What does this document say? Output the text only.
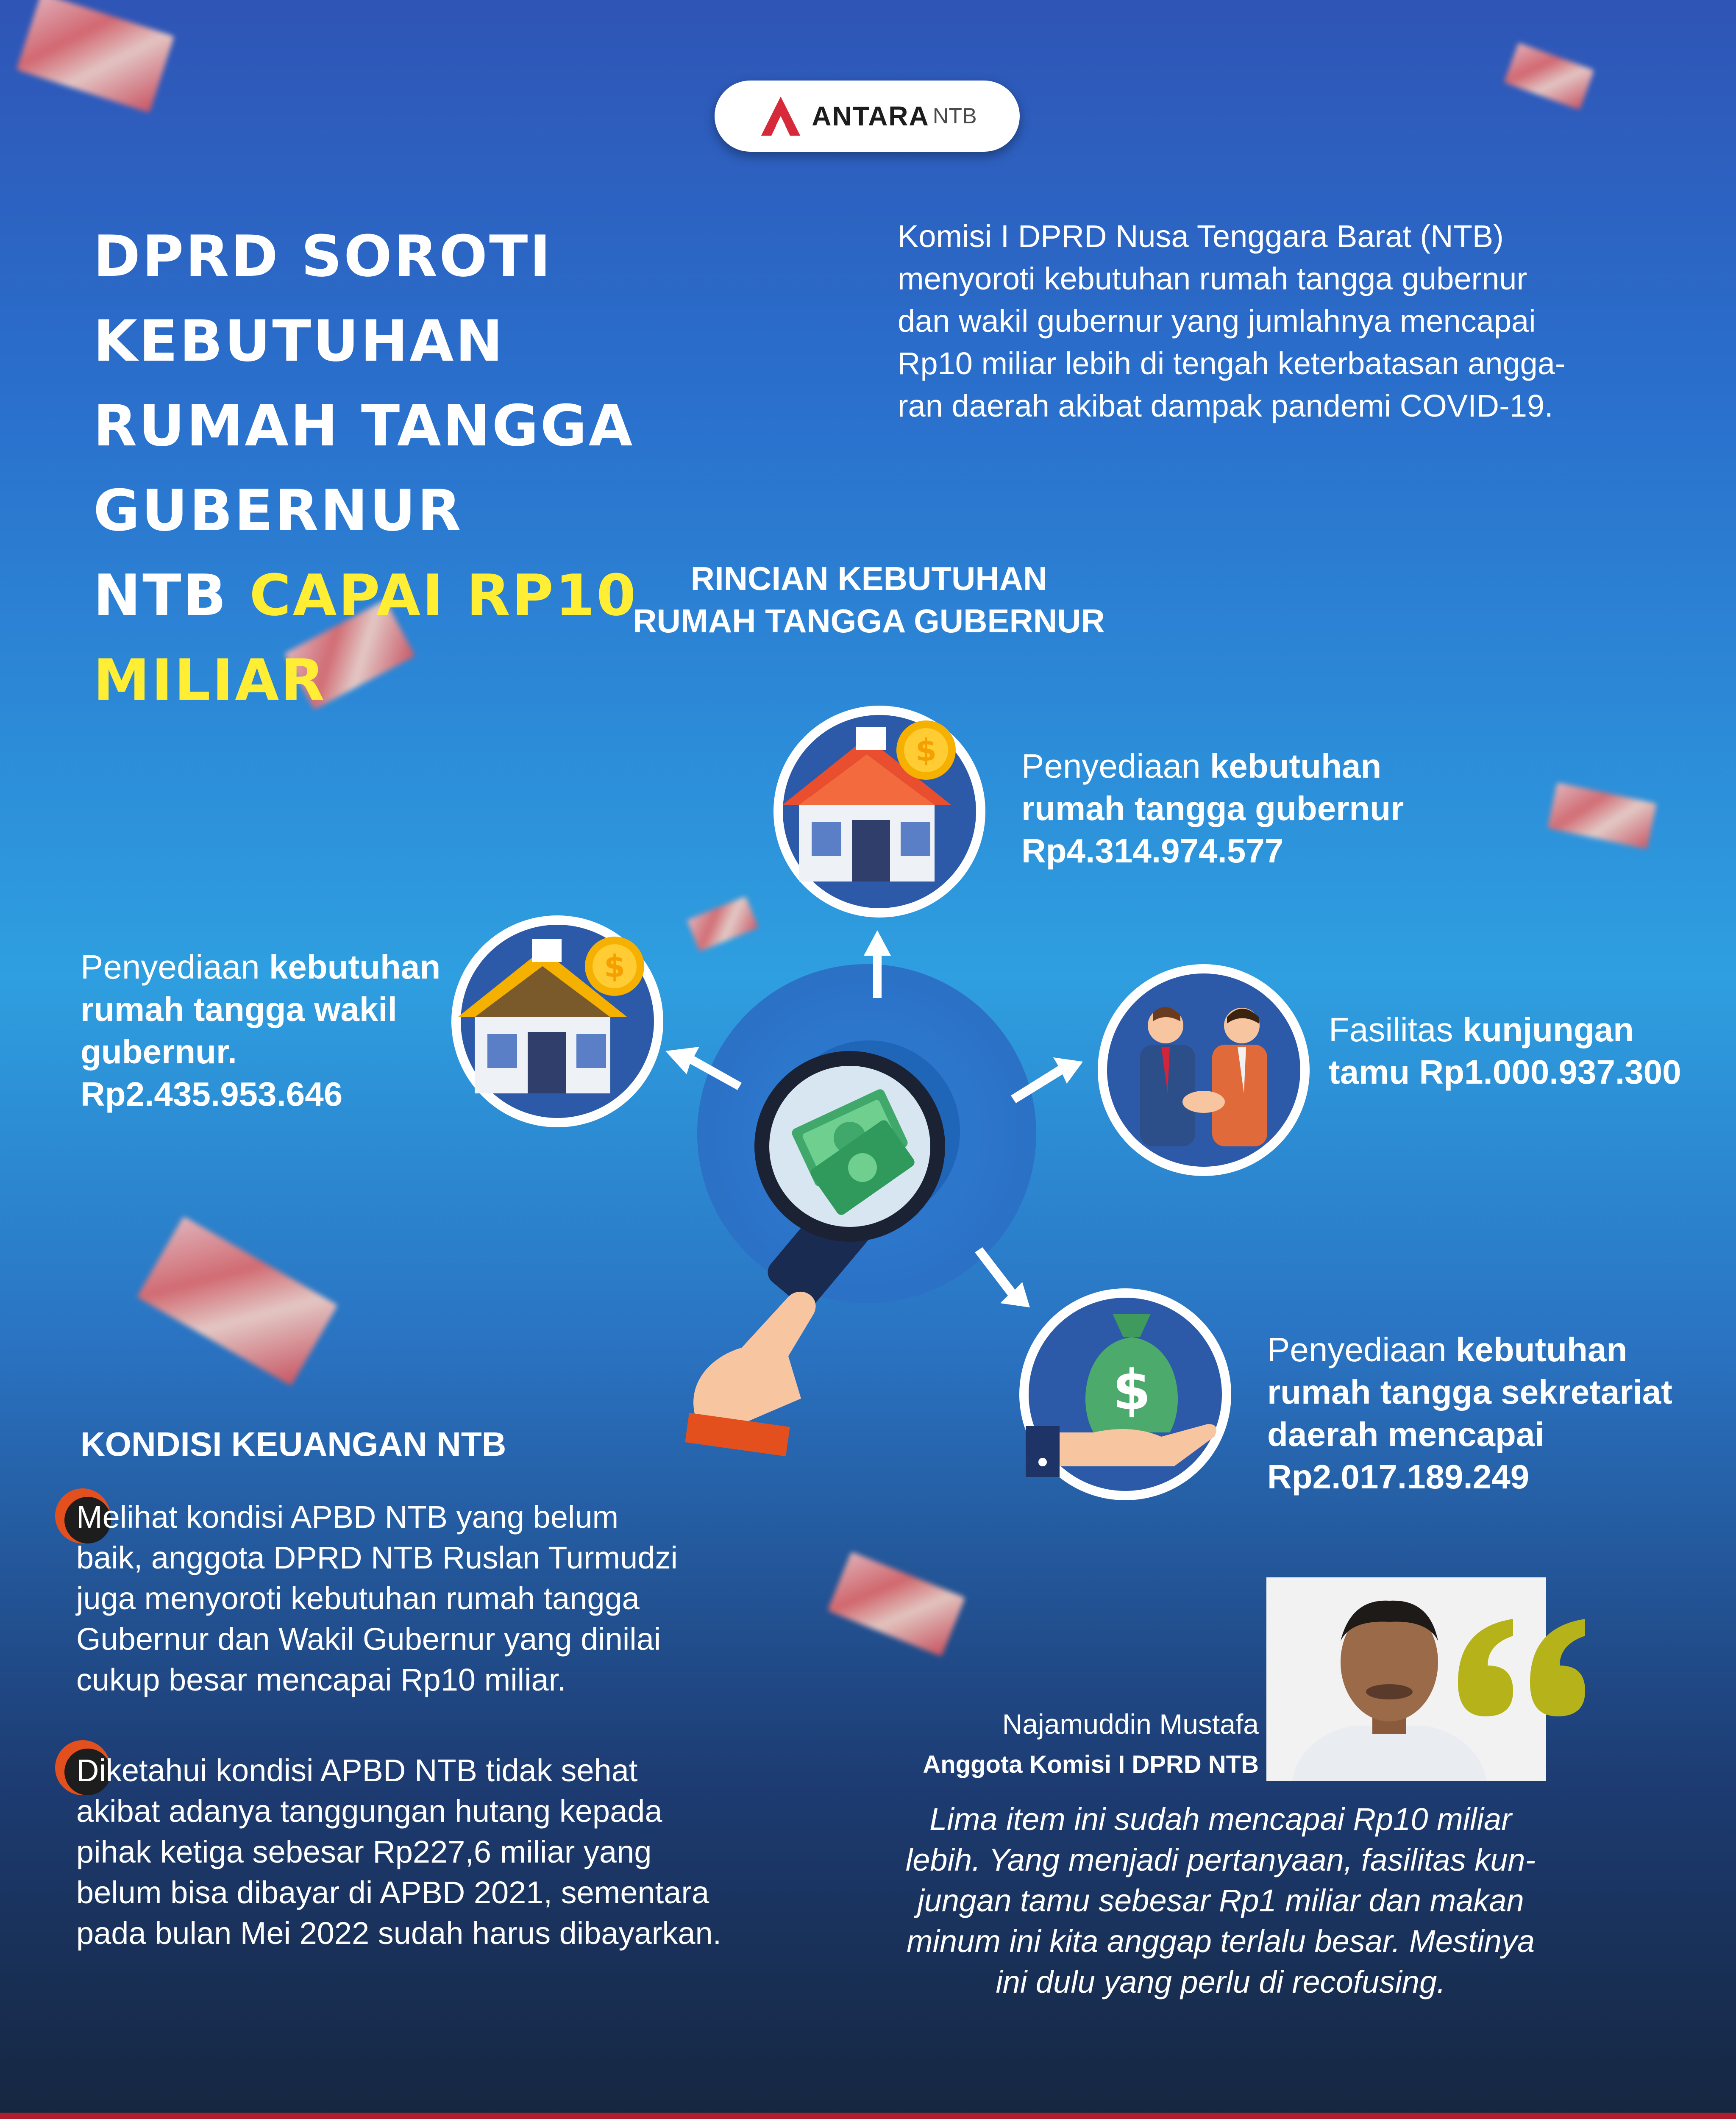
ANTARA NTB
DPRD SOROTI KEBUTUHAN
RUMAH TANGGA GUBERNUR
NTB CAPAI RP10 MILIAR
Komisi I DPRD Nusa Tenggara Barat (NTB)
menyoroti kebutuhan rumah tangga gubernur
dan wakil gubernur yang jumlahnya mencapai
Rp10 miliar lebih di tengah keterbatasan angga-
ran daerah akibat dampak pandemi COVID-19.
RINCIAN KEBUTUHAN
RUMAH TANGGA GUBERNUR
$ Penyediaan kebutuhan
rumah tangga gubernur
Rp4.314.974.577
$
Penyediaan kebutuhan
rumah tangga wakil
gubernur.
Rp2.435.953.646
Fasilitas kunjungan
tamu Rp1.000.937.300
$
Penyediaan kebutuhan
rumah tangga sekretariat
daerah mencapai
Rp2.017.189.249
KONDISI KEUANGAN NTB
Melihat kondisi APBD NTB yang belum
baik, anggota DPRD NTB Ruslan Turmudzi
juga menyoroti kebutuhan rumah tangga
Gubernur dan Wakil Gubernur yang dinilai
cukup besar mencapai Rp10 miliar.
Diketahui kondisi APBD NTB tidak sehat
akibat adanya tanggungan hutang kepada
pihak ketiga sebesar Rp227,6 miliar yang
belum bisa dibayar di APBD 2021, sementara
pada bulan Mei 2022 sudah harus dibayarkan.
Najamuddin Mustafa
Anggota Komisi I DPRD NTB
Lima item ini sudah mencapai Rp10 miliar
lebih. Yang menjadi pertanyaan, fasilitas kun-
jungan tamu sebesar Rp1 miliar dan makan
minum ini kita anggap terlalu besar. Mestinya
ini dulu yang perlu di recofusing.
